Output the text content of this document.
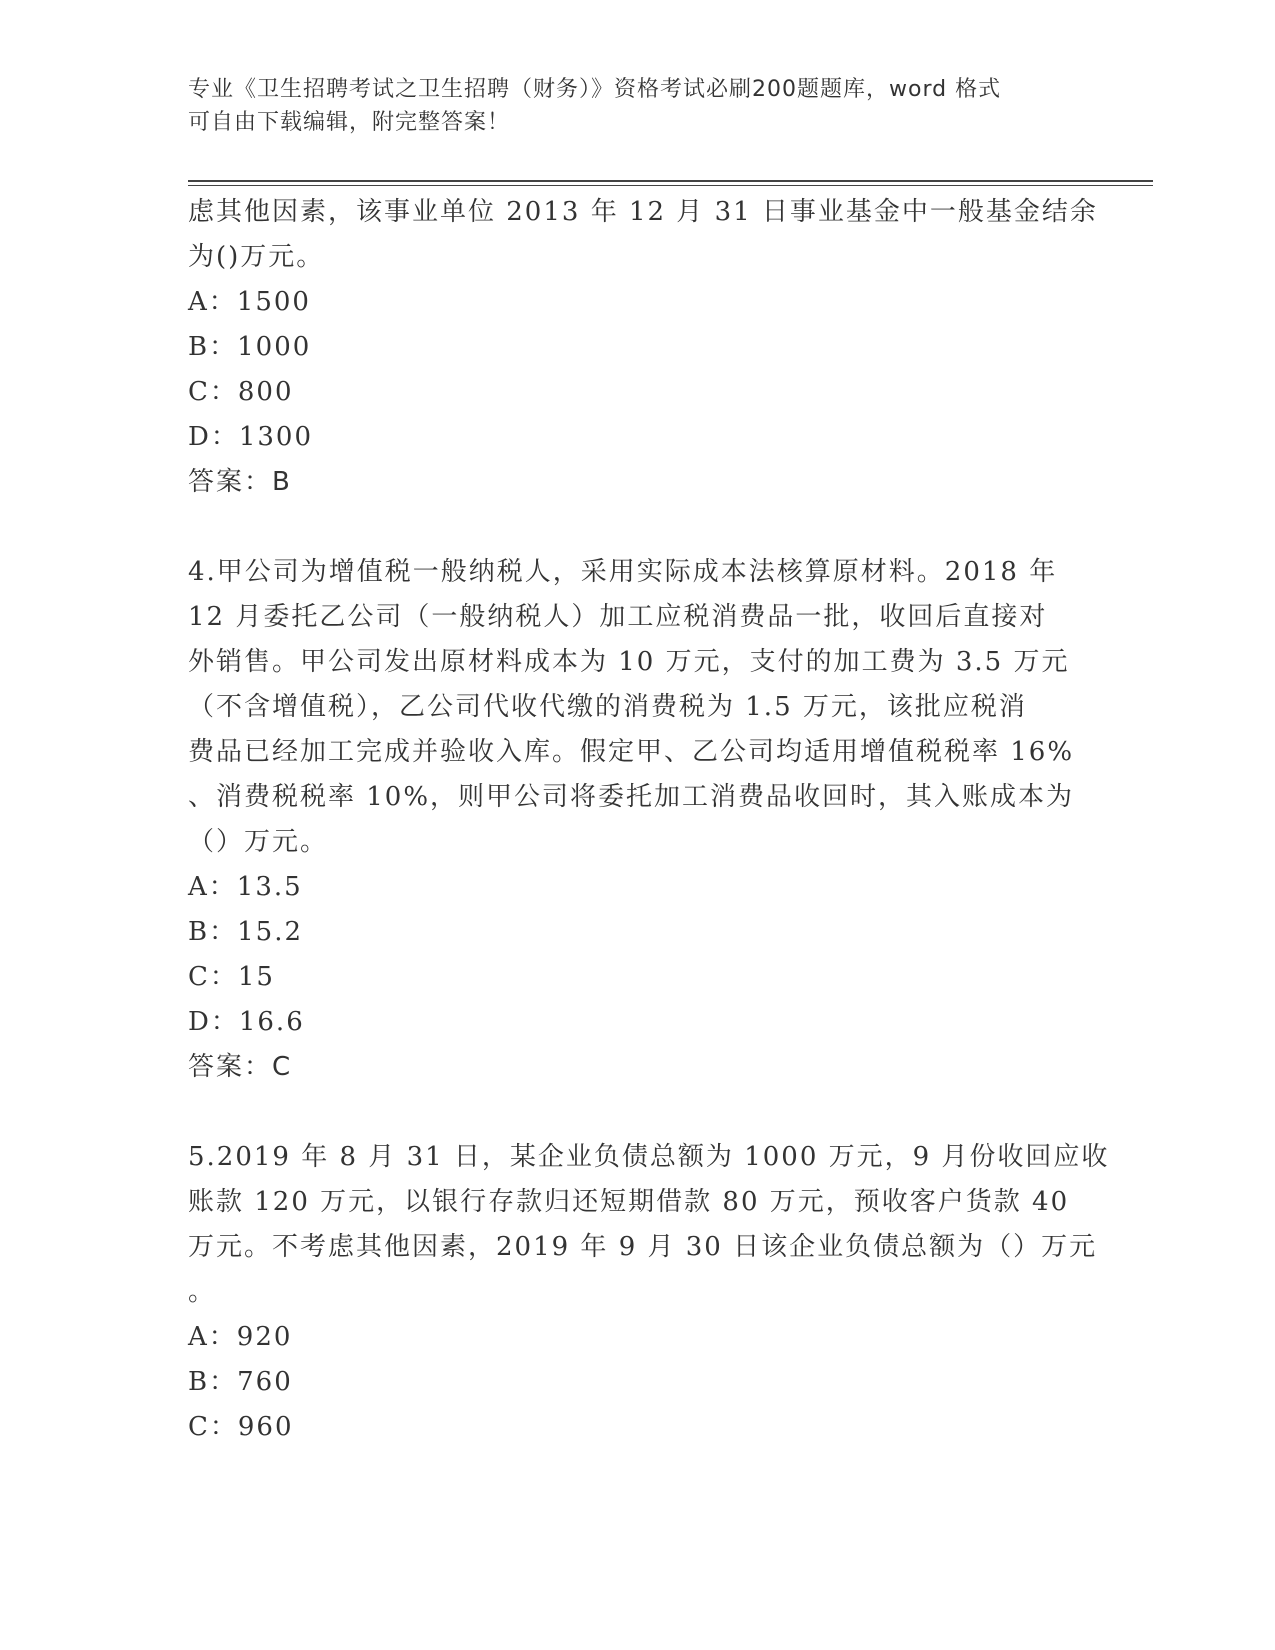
专业《卫生招聘考试之卫生招聘（财务）》资格考试必刷200题题库，word 格式
可自由下载编辑，附完整答案！
虑其他因素，该事业单位 2013 年 12 月 31 日事业基金中一般基金结余
为()万元。
A：1500
B：1000
C：800
D：1300
答案：B
4.甲公司为增值税一般纳税人，采用实际成本法核算原材料。2018 年
12 月委托乙公司（一般纳税人）加工应税消费品一批，收回后直接对
外销售。甲公司发出原材料成本为 10 万元，支付的加工费为 3.5 万元
（不含增值税），乙公司代收代缴的消费税为 1.5 万元，该批应税消
费品已经加工完成并验收入库。假定甲、乙公司均适用增值税税率 16%
、消费税税率 10%，则甲公司将委托加工消费品收回时，其入账成本为
（）万元。
A：13.5
B：15.2
C：15
D：16.6
答案：C
5.2019 年 8 月 31 日，某企业负债总额为 1000 万元，9 月份收回应收
账款 120 万元，以银行存款归还短期借款 80 万元，预收客户货款 40
万元。不考虑其他因素，2019 年 9 月 30 日该企业负债总额为（）万元
。
A：920
B：760
C：960
